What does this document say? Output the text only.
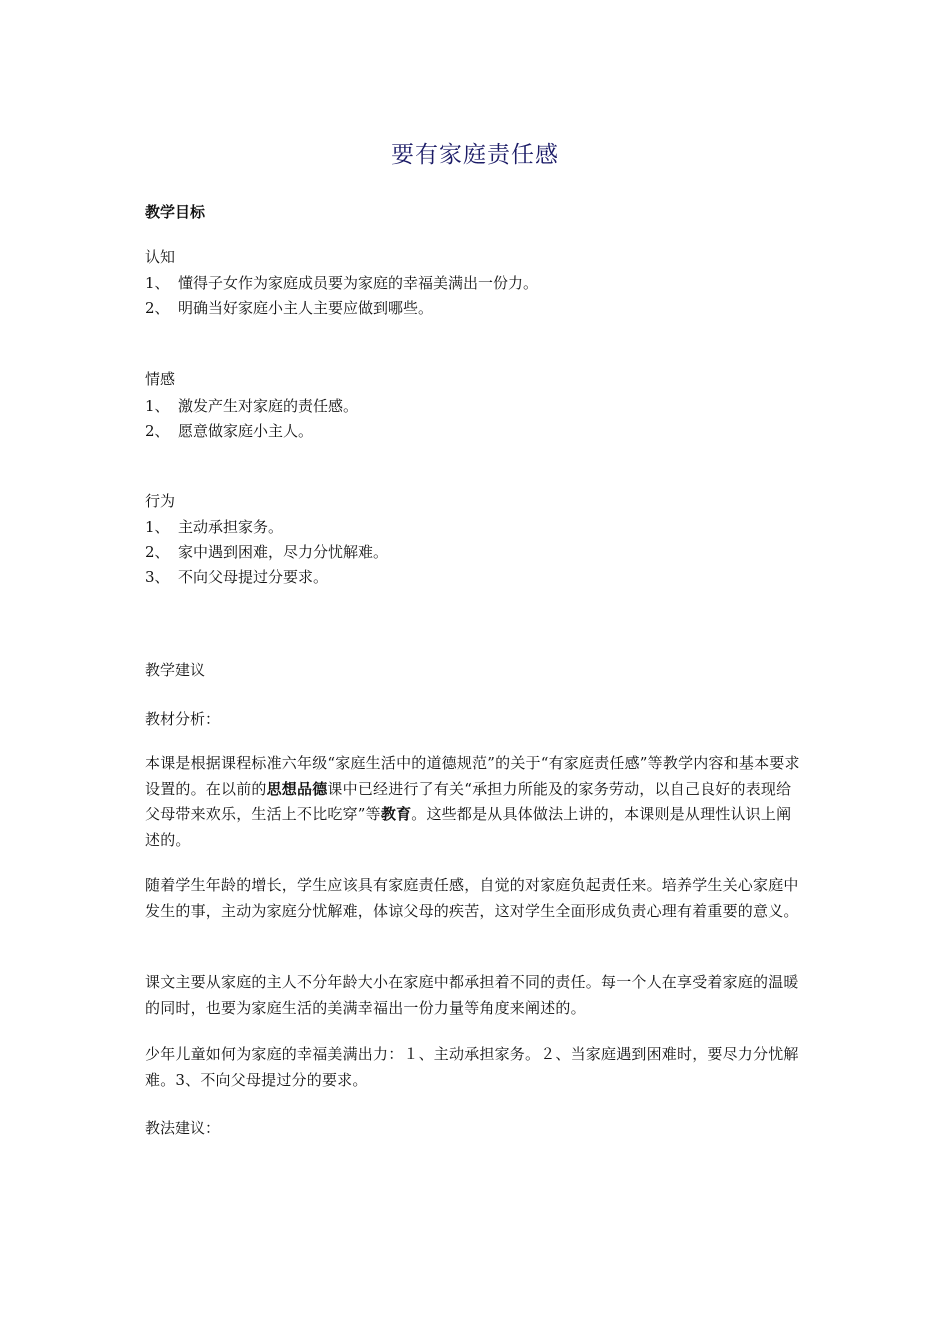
要有家庭责任感
教学目标
认知
1、 懂得子女作为家庭成员要为家庭的幸福美满出一份力。
2、 明确当好家庭小主人主要应做到哪些。
情感
1、 激发产生对家庭的责任感。
2、 愿意做家庭小主人。
行为
1、 主动承担家务。
2、 家中遇到困难，尽力分忧解难。
3、 不向父母提过分要求。
教学建议
教材分析：
本课是根据课程标准六年级“家庭生活中的道德规范”的关于“有家庭责任感”等教学内容和基本要求设置的。在以前的思想品德课中已经进行了有关“承担力所能及的家务劳动，以自己良好的表现给父母带来欢乐，生活上不比吃穿”等教育。这些都是从具体做法上讲的，本课则是从理性认识上阐述的。
随着学生年龄的增长，学生应该具有家庭责任感，自觉的对家庭负起责任来。培养学生关心家庭中发生的事，主动为家庭分忧解难，体谅父母的疾苦，这对学生全面形成负责心理有着重要的意义。
课文主要从家庭的主人不分年龄大小在家庭中都承担着不同的责任。每一个人在享受着家庭的温暖的同时，也要为家庭生活的美满幸福出一份力量等角度来阐述的。
少年儿童如何为家庭的幸福美满出力：１、主动承担家务。２、当家庭遇到困难时，要尽力分忧解难。3、不向父母提过分的要求。
教法建议：
